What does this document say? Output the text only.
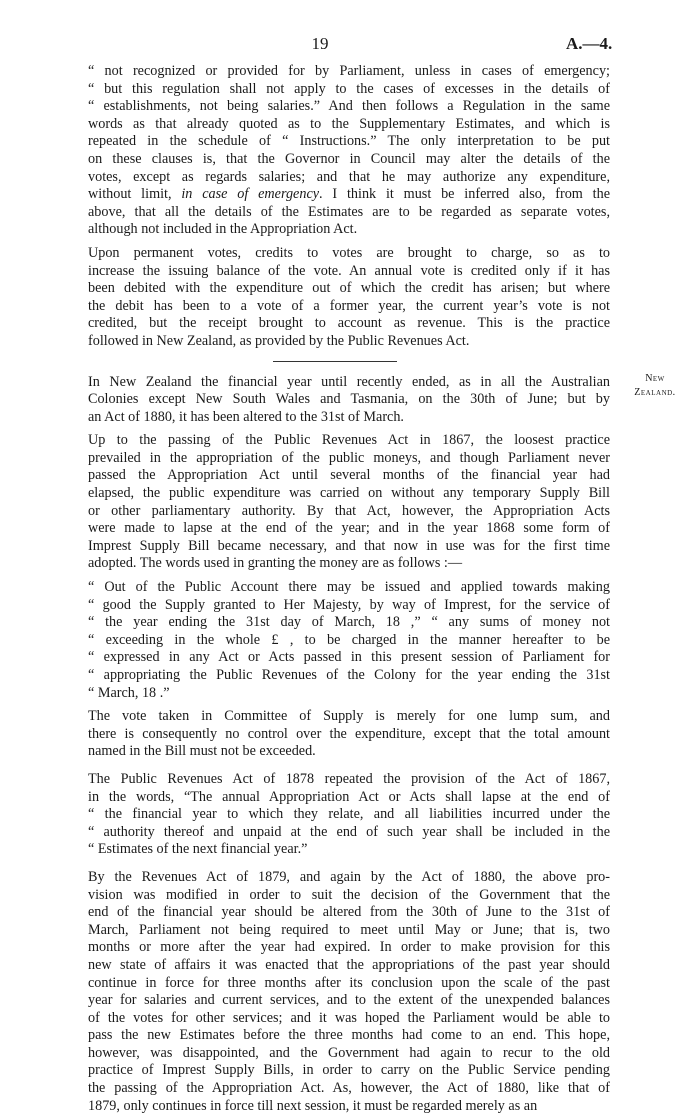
19	A.—4.
New
Zealand.
“ not recognized or provided for by Parliament, unless in cases of emergency;
“ but this regulation shall not apply to the cases of excesses in the details of
“ establishments, not being salaries.” And then follows a Regulation in the same
words as that already quoted as to the Supplementary Estimates, and which is
repeated in the schedule of “ Instructions.” The only interpretation to be put
on these clauses is, that the Governor in Council may alter the details of the
votes, except as regards salaries; and that he may authorize any expenditure,
without limit, in case of emergency. I think it must be inferred also, from the
above, that all the details of the Estimates are to be regarded as separate votes,
although not included in the Appropriation Act.
Upon permanent votes, credits to votes are brought to charge, so as to
increase the issuing balance of the vote. An annual vote is credited only if it has
been debited with the expenditure out of which the credit has arisen; but where
the debit has been to a vote of a former year, the current year’s vote is not
credited, but the receipt brought to account as revenue. This is the practice
followed in New Zealand, as provided by the Public Revenues Act.
In New Zealand the financial year until recently ended, as in all the Australian
Colonies except New South Wales and Tasmania, on the 30th of June; but by
an Act of 1880, it has been altered to the 31st of March.
Up to the passing of the Public Revenues Act in 1867, the loosest practice
prevailed in the appropriation of the public moneys, and though Parliament never
passed the Appropriation Act until several months of the financial year had
elapsed, the public expenditure was carried on without any temporary Supply Bill
or other parliamentary authority. By that Act, however, the Appropriation Acts
were made to lapse at the end of the year; and in the year 1868 some form of
Imprest Supply Bill became necessary, and that now in use was for the first time
adopted. The words used in granting the money are as follows :—
“ Out of the Public Account there may be issued and applied towards making
“ good the Supply granted to Her Majesty, by way of Imprest, for the service of
“ the year ending the 31st day of March, 18 ,” “ any sums of money not
“ exceeding in the whole £ , to be charged in the manner hereafter to be
“ expressed in any Act or Acts passed in this present session of Parliament for
“ appropriating the Public Revenues of the Colony for the year ending the 31st
“ March, 18 .”
The vote taken in Committee of Supply is merely for one lump sum, and
there is consequently no control over the expenditure, except that the total amount
named in the Bill must not be exceeded.
The Public Revenues Act of 1878 repeated the provision of the Act of 1867,
in the words, “The annual Appropriation Act or Acts shall lapse at the end of
“ the financial year to which they relate, and all liabilities incurred under the
“ authority thereof and unpaid at the end of such year shall be included in the
“ Estimates of the next financial year.”
By the Revenues Act of 1879, and again by the Act of 1880, the above pro-
vision was modified in order to suit the decision of the Government that the
end of the financial year should be altered from the 30th of June to the 31st of
March, Parliament not being required to meet until May or June; that is, two
months or more after the year had expired. In order to make provision for this
new state of affairs it was enacted that the appropriations of the past year should
continue in force for three months after its conclusion upon the scale of the past
year for salaries and current services, and to the extent of the unexpended balances
of the votes for other services; and it was hoped the Parliament would be able to
pass the new Estimates before the three months had come to an end. This hope,
however, was disappointed, and the Government had again to recur to the old
practice of Imprest Supply Bills, in order to carry on the Public Service pending
the passing of the Appropriation Act. As, however, the Act of 1880, like that of
1879, only continues in force till next session, it must be regarded merely as an
